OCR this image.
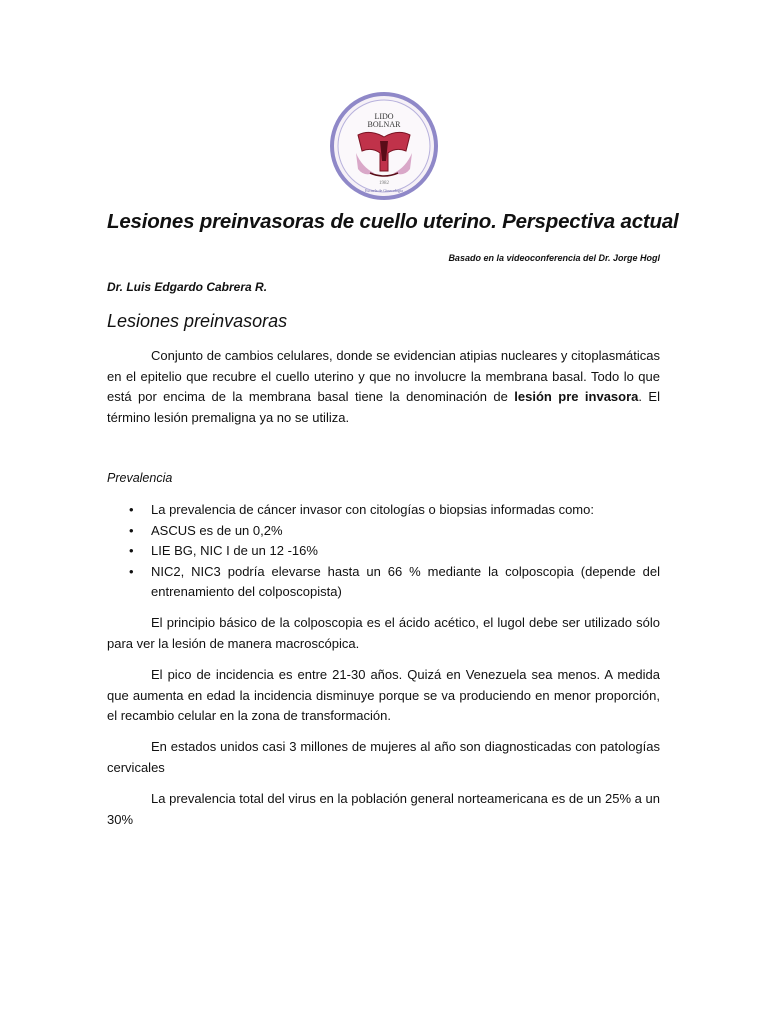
LIDO
BOLNAR
1982
Escuela de Ginecología
Lesiones preinvasoras de cuello uterino. Perspectiva actual
Basado en la videoconferencia del Dr. Jorge Hogl
Dr. Luis Edgardo Cabrera R.
Lesiones preinvasoras

Conjunto de cambios celulares, donde se evidencian atipias nucleares y citoplasmáticas en el epitelio que recubre el cuello uterino y que no involucre la membrana basal. Todo lo que está por encima de la membrana basal tiene la denominación de lesión pre invasora. El término lesión premaligna ya no se utiliza.

Prevalencia
• La prevalencia de cáncer invasor con citologías o biopsias informadas como:
• ASCUS es de un 0,2%
• LIE BG, NIC I de un 12 -16%
• NIC2, NIC3 podría elevarse hasta un 66 % mediante la colposcopia (depende del entrenamiento del colposcopista)

El principio básico de la colposcopia es el ácido acético, el lugol debe ser utilizado sólo para ver la lesión de manera macroscópica.

El pico de incidencia es entre 21-30 años. Quizá en Venezuela sea menos. A medida que aumenta en edad la incidencia disminuye porque se va produciendo en menor proporción, el recambio celular en la zona de transformación.

En estados unidos casi 3 millones de mujeres al año son diagnosticadas con patologías cervicales

La prevalencia total del virus en la población general norteamericana es de un 25% a un 30%
